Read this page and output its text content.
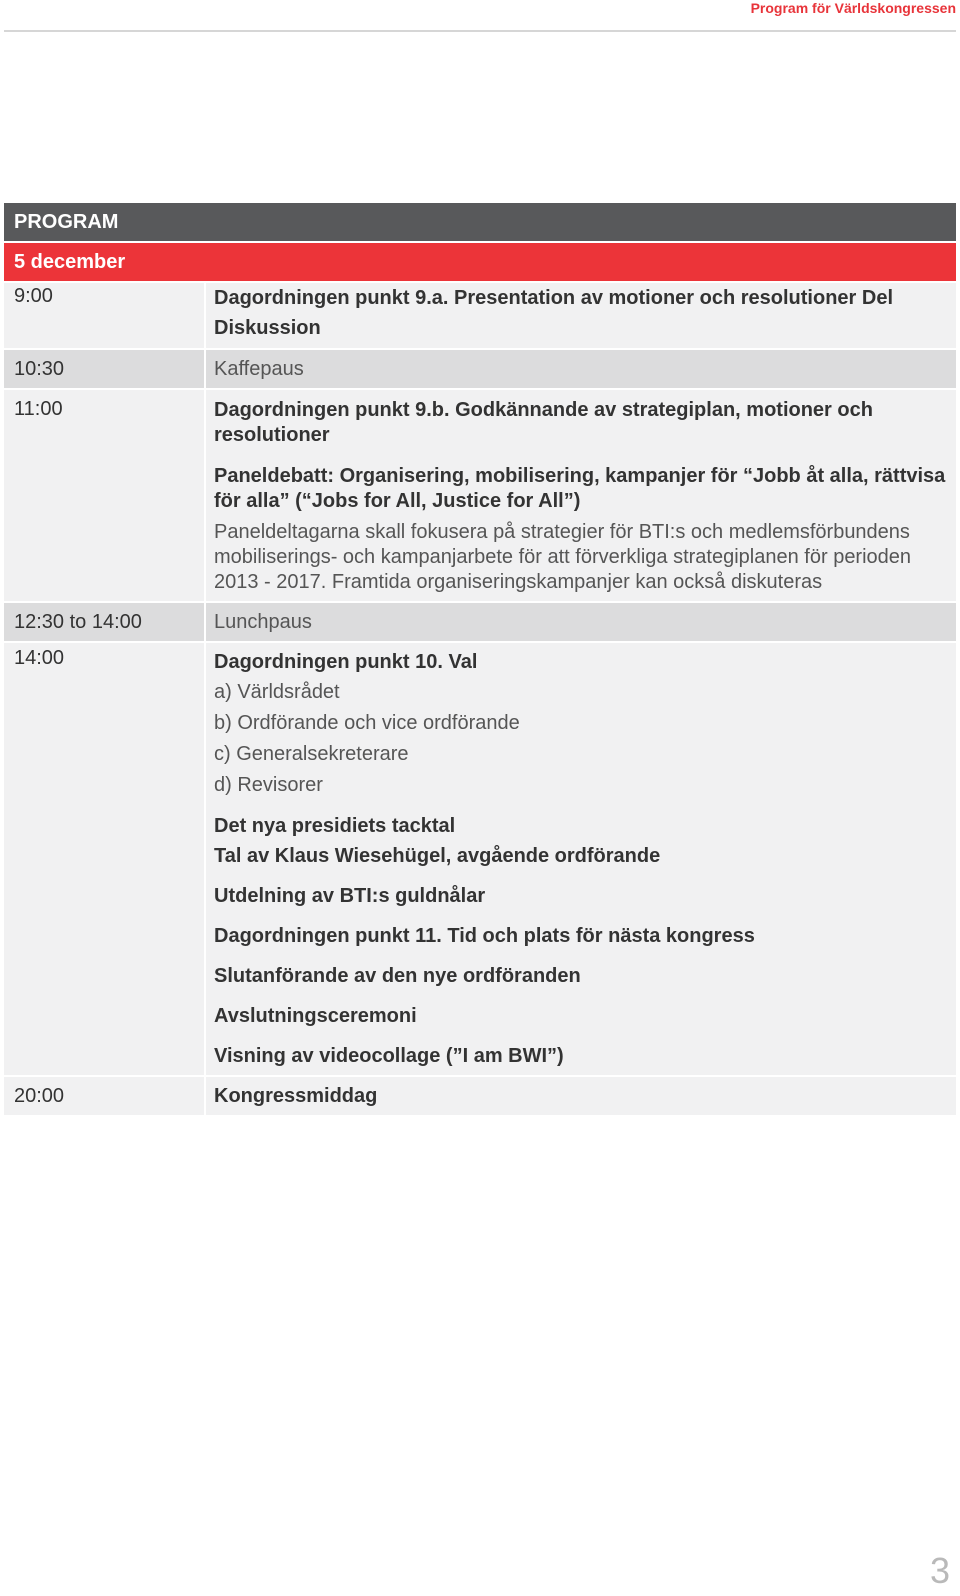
Program för Världskongressen
PROGRAM
5 december
9:00	Dagordningen punkt 9.a. Presentation av motioner och resolutioner Del Diskussion
10:30	Kaffepaus
11:00	Dagordningen punkt 9.b. Godkännande av strategiplan, motioner och resolutioner
Paneldebatt: Organisering, mobilisering, kampanjer för “Jobb åt alla, rättvisa för alla” (“Jobs for All, Justice for All”)
Paneldeltagarna skall fokusera på strategier för BTI:s och medlemsförbundens mobiliserings- och kampanjarbete för att förverkliga strategiplanen för perioden 2013 - 2017. Framtida organiseringskampanjer kan också diskuteras
12:30 to 14:00	Lunchpaus
14:00	Dagordningen punkt 10. Val
a) Världsrådet
b) Ordförande och vice ordförande
c) Generalsekreterare
d) Revisorer
Det nya presidiets tacktal
Tal av Klaus Wiesehügel, avgående ordförande
Utdelning av BTI:s guldnålar
Dagordningen punkt 11. Tid och plats för nästa kongress
Slutanförande av den nye ordföranden
Avslutningsceremoni
Visning av videocollage (”I am BWI”)
20:00	Kongressmiddag
3
